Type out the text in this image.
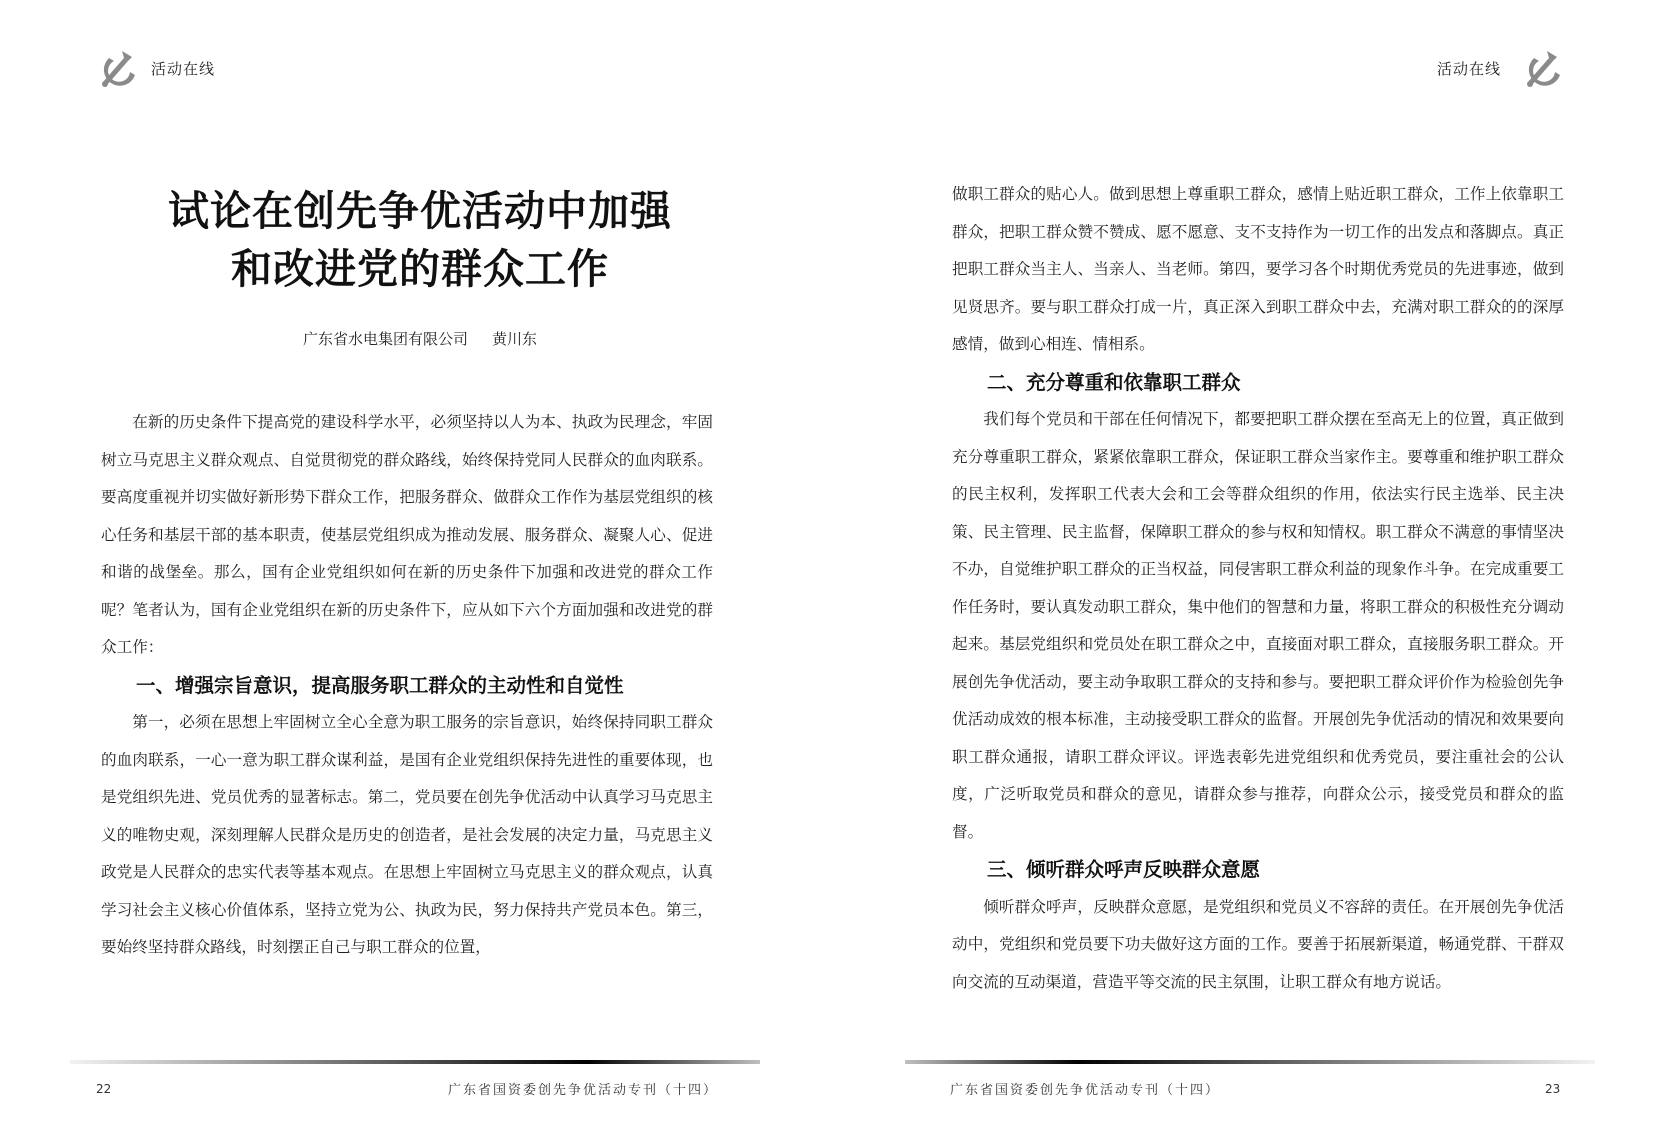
活动在线	活动在线
试论在创先争优活动中加强
和改进党的群众工作
广东省水电集团有限公司 黄川东

在新的历史条件下提高党的建设科学水平，必须坚持以人为本、执政为民理念，牢固树立马克思主义群众观点、自觉贯彻党的群众路线，始终保持党同人民群众的血肉联系。要高度重视并切实做好新形势下群众工作，把服务群众、做群众工作作为基层党组织的核心任务和基层干部的基本职责，使基层党组织成为推动发展、服务群众、凝聚人心、促进和谐的战堡垒。那么，国有企业党组织如何在新的历史条件下加强和改进党的群众工作呢？笔者认为，国有企业党组织在新的历史条件下，应从如下六个方面加强和改进党的群众工作：

一、增强宗旨意识，提高服务职工群众的主动性和自觉性

第一，必须在思想上牢固树立全心全意为职工服务的宗旨意识，始终保持同职工群众的血肉联系，一心一意为职工群众谋利益，是国有企业党组织保持先进性的重要体现，也是党组织先进、党员优秀的显著标志。第二，党员要在创先争优活动中认真学习马克思主义的唯物史观，深刻理解人民群众是历史的创造者，是社会发展的决定力量，马克思主义政党是人民群众的忠实代表等基本观点。在思想上牢固树立马克思主义的群众观点，认真学习社会主义核心价值体系，坚持立党为公、执政为民，努力保持共产党员本色。第三，要始终坚持群众路线，时刻摆正自己与职工群众的位置，

做职工群众的贴心人。做到思想上尊重职工群众，感情上贴近职工群众，工作上依靠职工群众，把职工群众赞不赞成、愿不愿意、支不支持作为一切工作的出发点和落脚点。真正把职工群众当主人、当亲人、当老师。第四，要学习各个时期优秀党员的先进事迹，做到见贤思齐。要与职工群众打成一片，真正深入到职工群众中去，充满对职工群众的的深厚感情，做到心相连、情相系。

二、充分尊重和依靠职工群众

我们每个党员和干部在任何情况下，都要把职工群众摆在至高无上的位置，真正做到充分尊重职工群众，紧紧依靠职工群众，保证职工群众当家作主。要尊重和维护职工群众的民主权利，发挥职工代表大会和工会等群众组织的作用，依法实行民主选举、民主决策、民主管理、民主监督，保障职工群众的参与权和知情权。职工群众不满意的事情坚决不办，自觉维护职工群众的正当权益，同侵害职工群众利益的现象作斗争。在完成重要工作任务时，要认真发动职工群众，集中他们的智慧和力量，将职工群众的积极性充分调动起来。基层党组织和党员处在职工群众之中，直接面对职工群众，直接服务职工群众。开展创先争优活动，要主动争取职工群众的支持和参与。要把职工群众评价作为检验创先争优活动成效的根本标准，主动接受职工群众的监督。开展创先争优活动的情况和效果要向职工群众通报，请职工群众评议。评选表彰先进党组织和优秀党员，要注重社会的公认度，广泛听取党员和群众的意见，请群众参与推荐，向群众公示，接受党员和群众的监督。

三、倾听群众呼声反映群众意愿

倾听群众呼声，反映群众意愿，是党组织和党员义不容辞的责任。在开展创先争优活动中，党组织和党员要下功夫做好这方面的工作。要善于拓展新渠道，畅通党群、干群双向交流的互动渠道，营造平等交流的民主氛围，让职工群众有地方说话。

22	广东省国资委创先争优活动专刊（十四）	广东省国资委创先争优活动专刊（十四）	23
